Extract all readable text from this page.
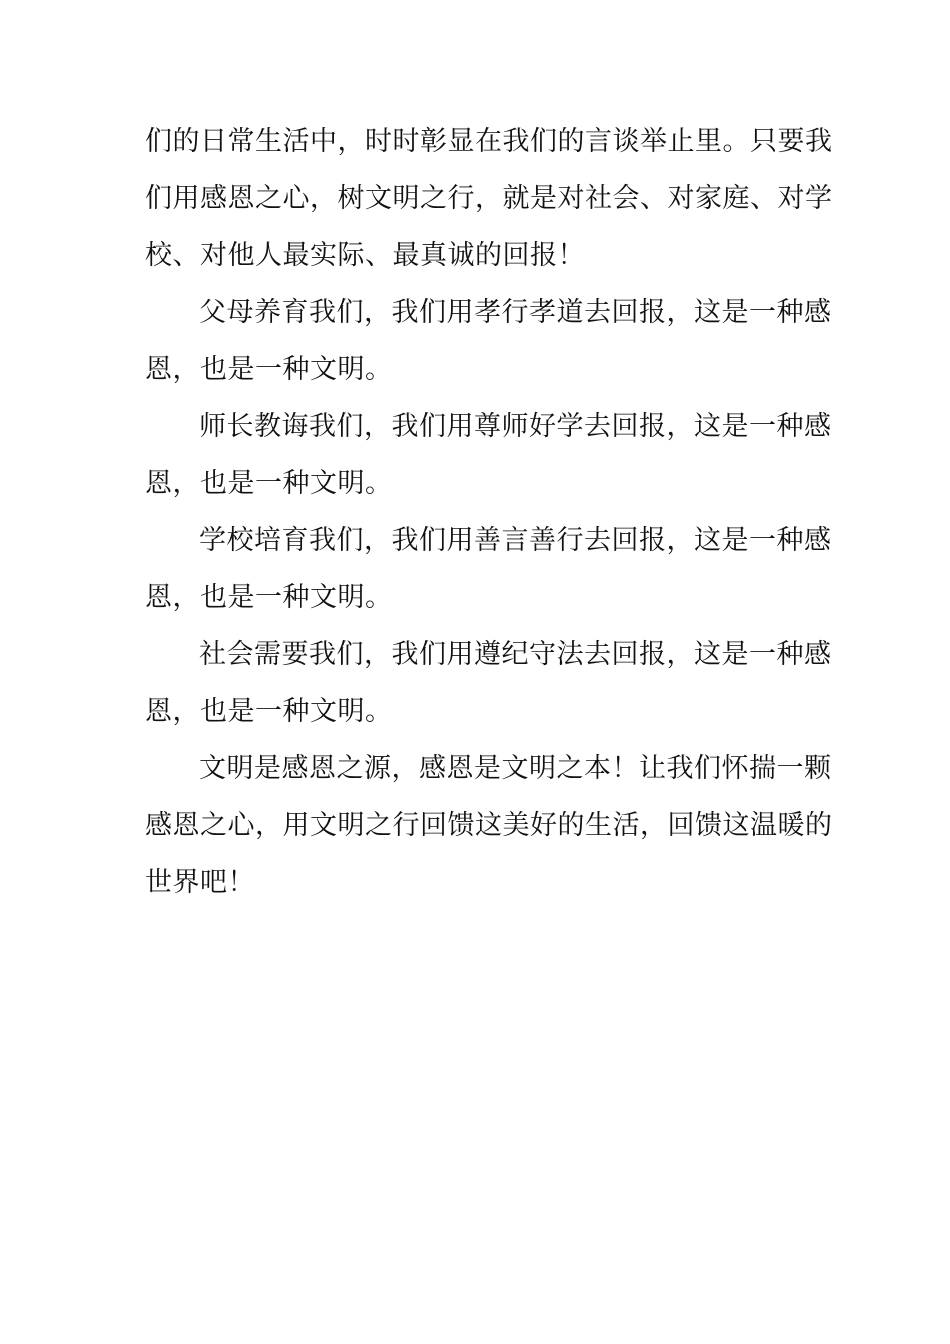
们的日常生活中，时时彰显在我们的言谈举止里。只要我
们用感恩之心，树文明之行，就是对社会、对家庭、对学
校、对他人最实际、最真诚的回报！
父母养育我们，我们用孝行孝道去回报，这是一种感
恩，也是一种文明。
师长教诲我们，我们用尊师好学去回报，这是一种感
恩，也是一种文明。
学校培育我们，我们用善言善行去回报，这是一种感
恩，也是一种文明。
社会需要我们，我们用遵纪守法去回报，这是一种感
恩，也是一种文明。
文明是感恩之源，感恩是文明之本！让我们怀揣一颗
感恩之心，用文明之行回馈这美好的生活，回馈这温暖的
世界吧！
